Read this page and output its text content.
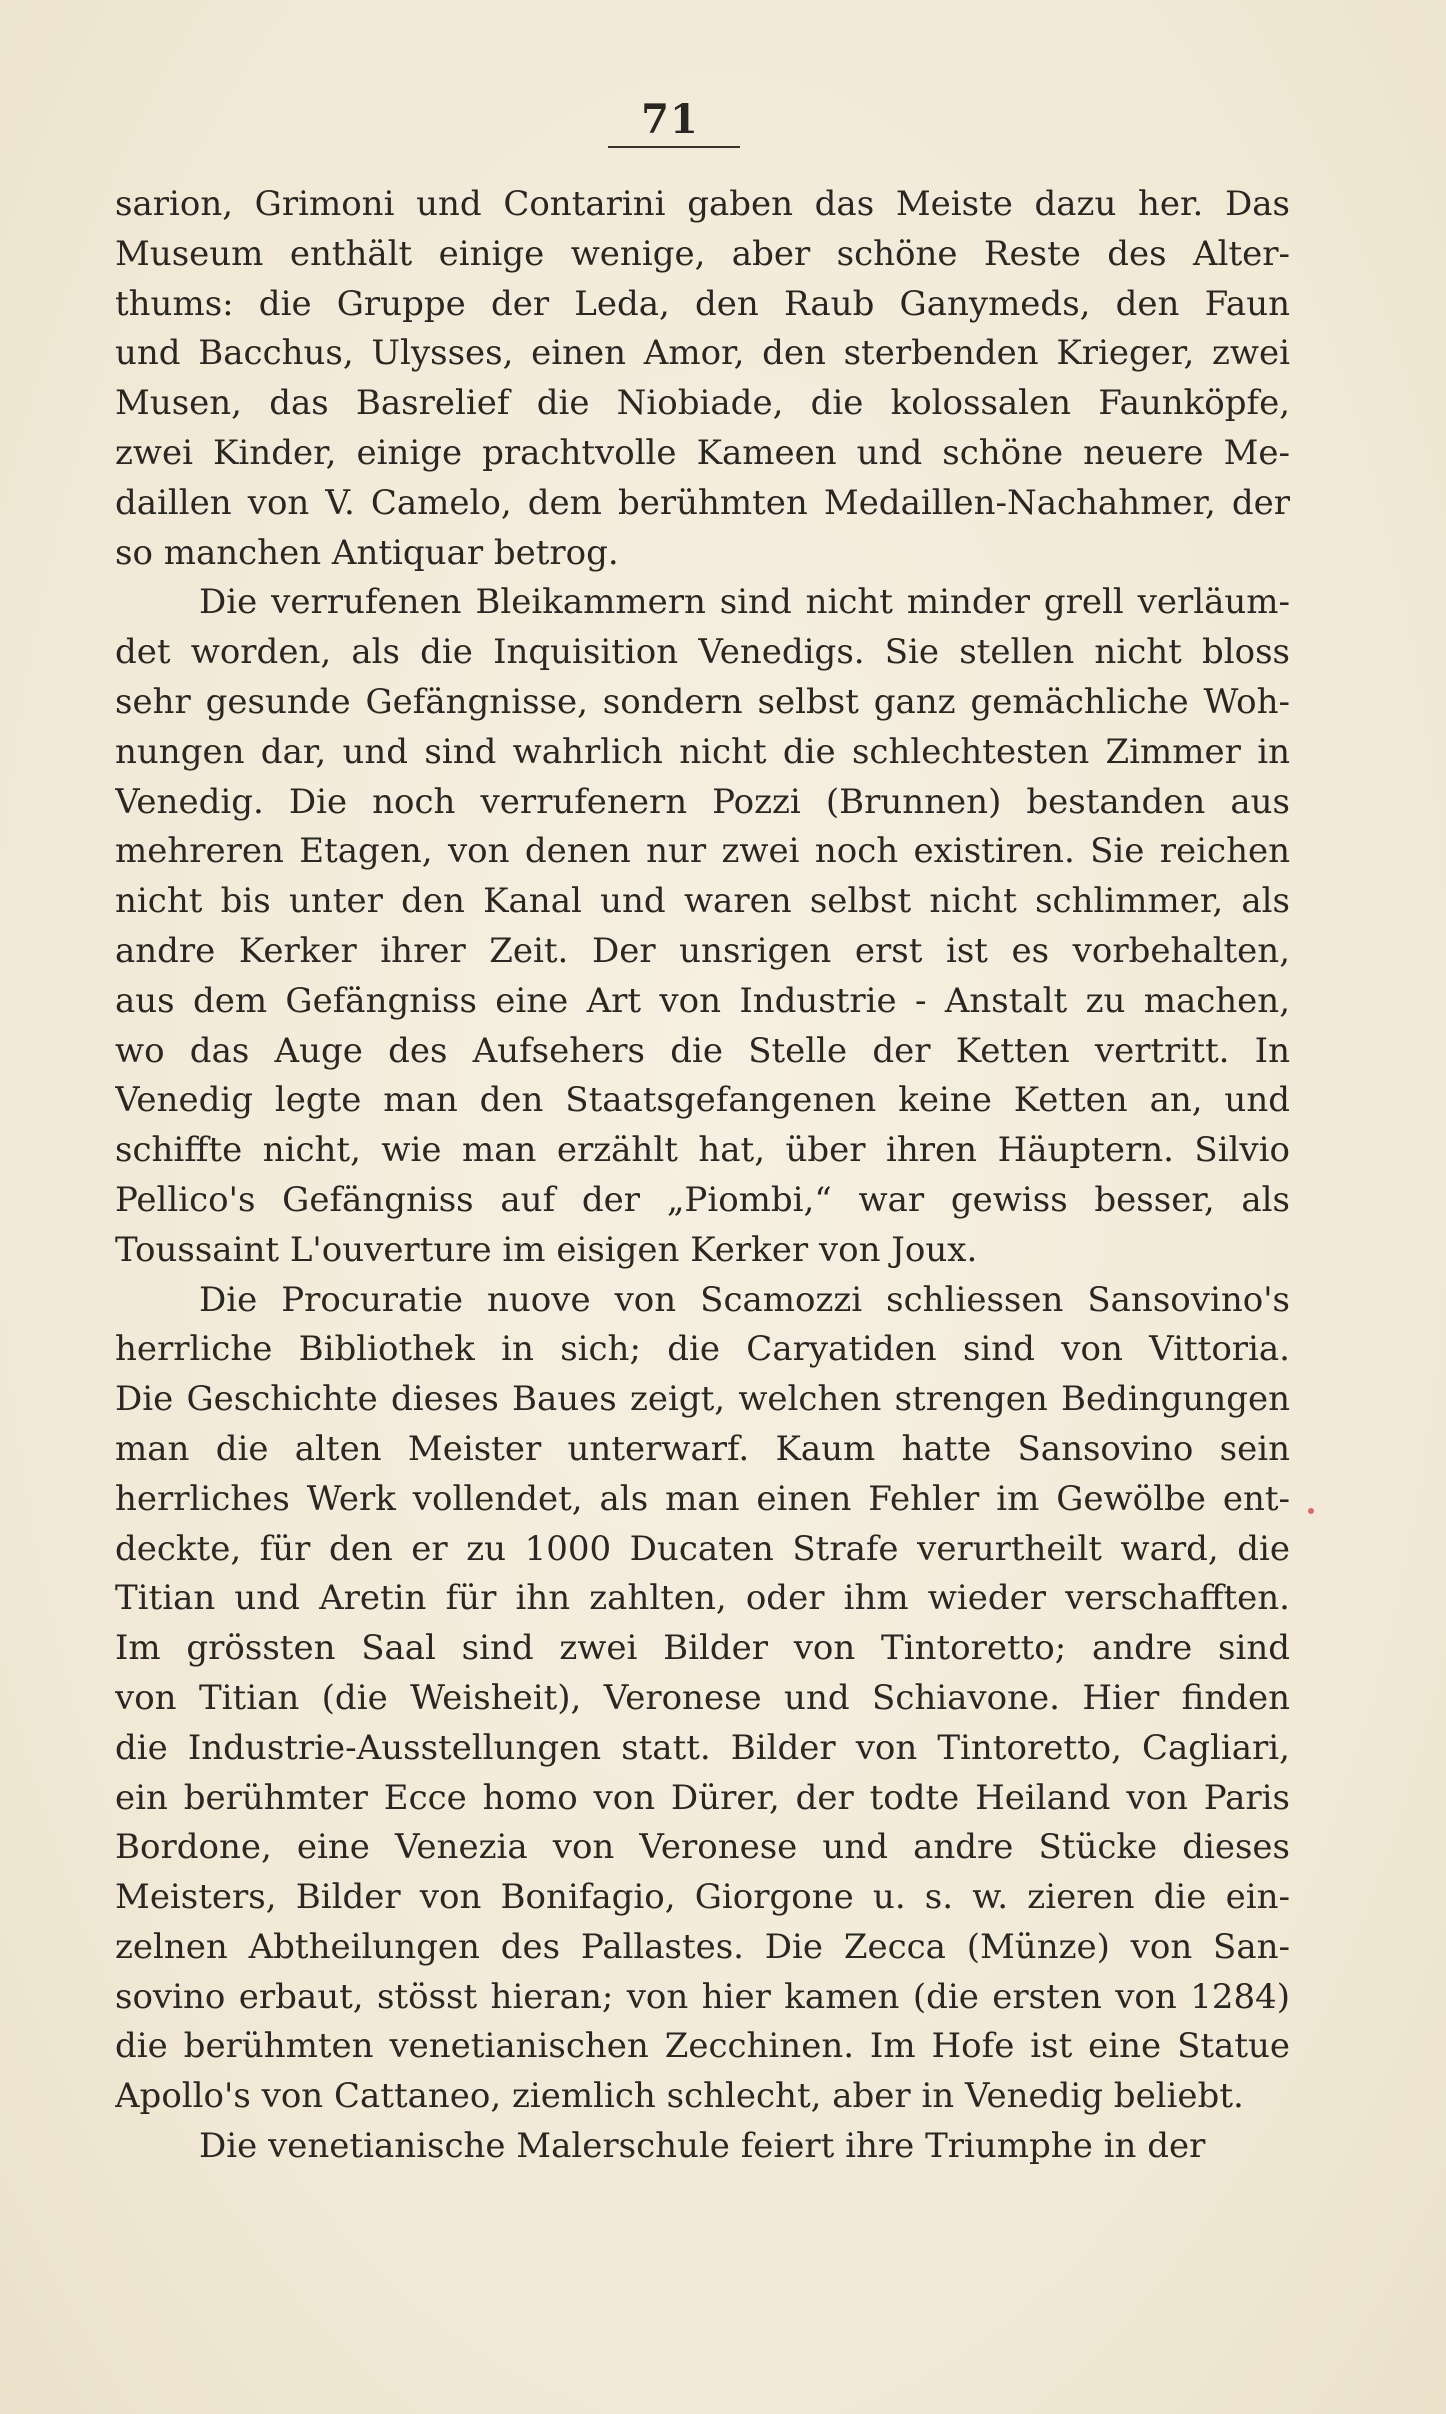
71
sarion, Grimoni und Contarini gaben das Meiste dazu her. Das
Museum enthält einige wenige, aber schöne Reste des Alter-
thums: die Gruppe der Leda, den Raub Ganymeds, den Faun
und Bacchus, Ulysses, einen Amor, den sterbenden Krieger, zwei
Musen, das Basrelief die Niobiade, die kolossalen Faunköpfe,
zwei Kinder, einige prachtvolle Kameen und schöne neuere Me-
daillen von V. Camelo, dem berühmten Medaillen-Nachahmer, der
so manchen Antiquar betrog.
Die verrufenen Bleikammern sind nicht minder grell verläum-
det worden, als die Inquisition Venedigs. Sie stellen nicht bloss
sehr gesunde Gefängnisse, sondern selbst ganz gemächliche Woh-
nungen dar, und sind wahrlich nicht die schlechtesten Zimmer in
Venedig. Die noch verrufenern Pozzi (Brunnen) bestanden aus
mehreren Etagen, von denen nur zwei noch existiren. Sie reichen
nicht bis unter den Kanal und waren selbst nicht schlimmer, als
andre Kerker ihrer Zeit. Der unsrigen erst ist es vorbehalten,
aus dem Gefängniss eine Art von Industrie - Anstalt zu machen,
wo das Auge des Aufsehers die Stelle der Ketten vertritt. In
Venedig legte man den Staatsgefangenen keine Ketten an, und
schiffte nicht, wie man erzählt hat, über ihren Häuptern. Silvio
Pellico's Gefängniss auf der „Piombi,“ war gewiss besser, als
Toussaint L'ouverture im eisigen Kerker von Joux.
Die Procuratie nuove von Scamozzi schliessen Sansovino's
herrliche Bibliothek in sich; die Caryatiden sind von Vittoria.
Die Geschichte dieses Baues zeigt, welchen strengen Bedingungen
man die alten Meister unterwarf. Kaum hatte Sansovino sein
herrliches Werk vollendet, als man einen Fehler im Gewölbe ent-
deckte, für den er zu 1000 Ducaten Strafe verurtheilt ward, die
Titian und Aretin für ihn zahlten, oder ihm wieder verschafften.
Im grössten Saal sind zwei Bilder von Tintoretto; andre sind
von Titian (die Weisheit), Veronese und Schiavone. Hier finden
die Industrie-Ausstellungen statt. Bilder von Tintoretto, Cagliari,
ein berühmter Ecce homo von Dürer, der todte Heiland von Paris
Bordone, eine Venezia von Veronese und andre Stücke dieses
Meisters, Bilder von Bonifagio, Giorgone u. s. w. zieren die ein-
zelnen Abtheilungen des Pallastes. Die Zecca (Münze) von San-
sovino erbaut, stösst hieran; von hier kamen (die ersten von 1284)
die berühmten venetianischen Zecchinen. Im Hofe ist eine Statue
Apollo's von Cattaneo, ziemlich schlecht, aber in Venedig beliebt.
Die venetianische Malerschule feiert ihre Triumphe in der
